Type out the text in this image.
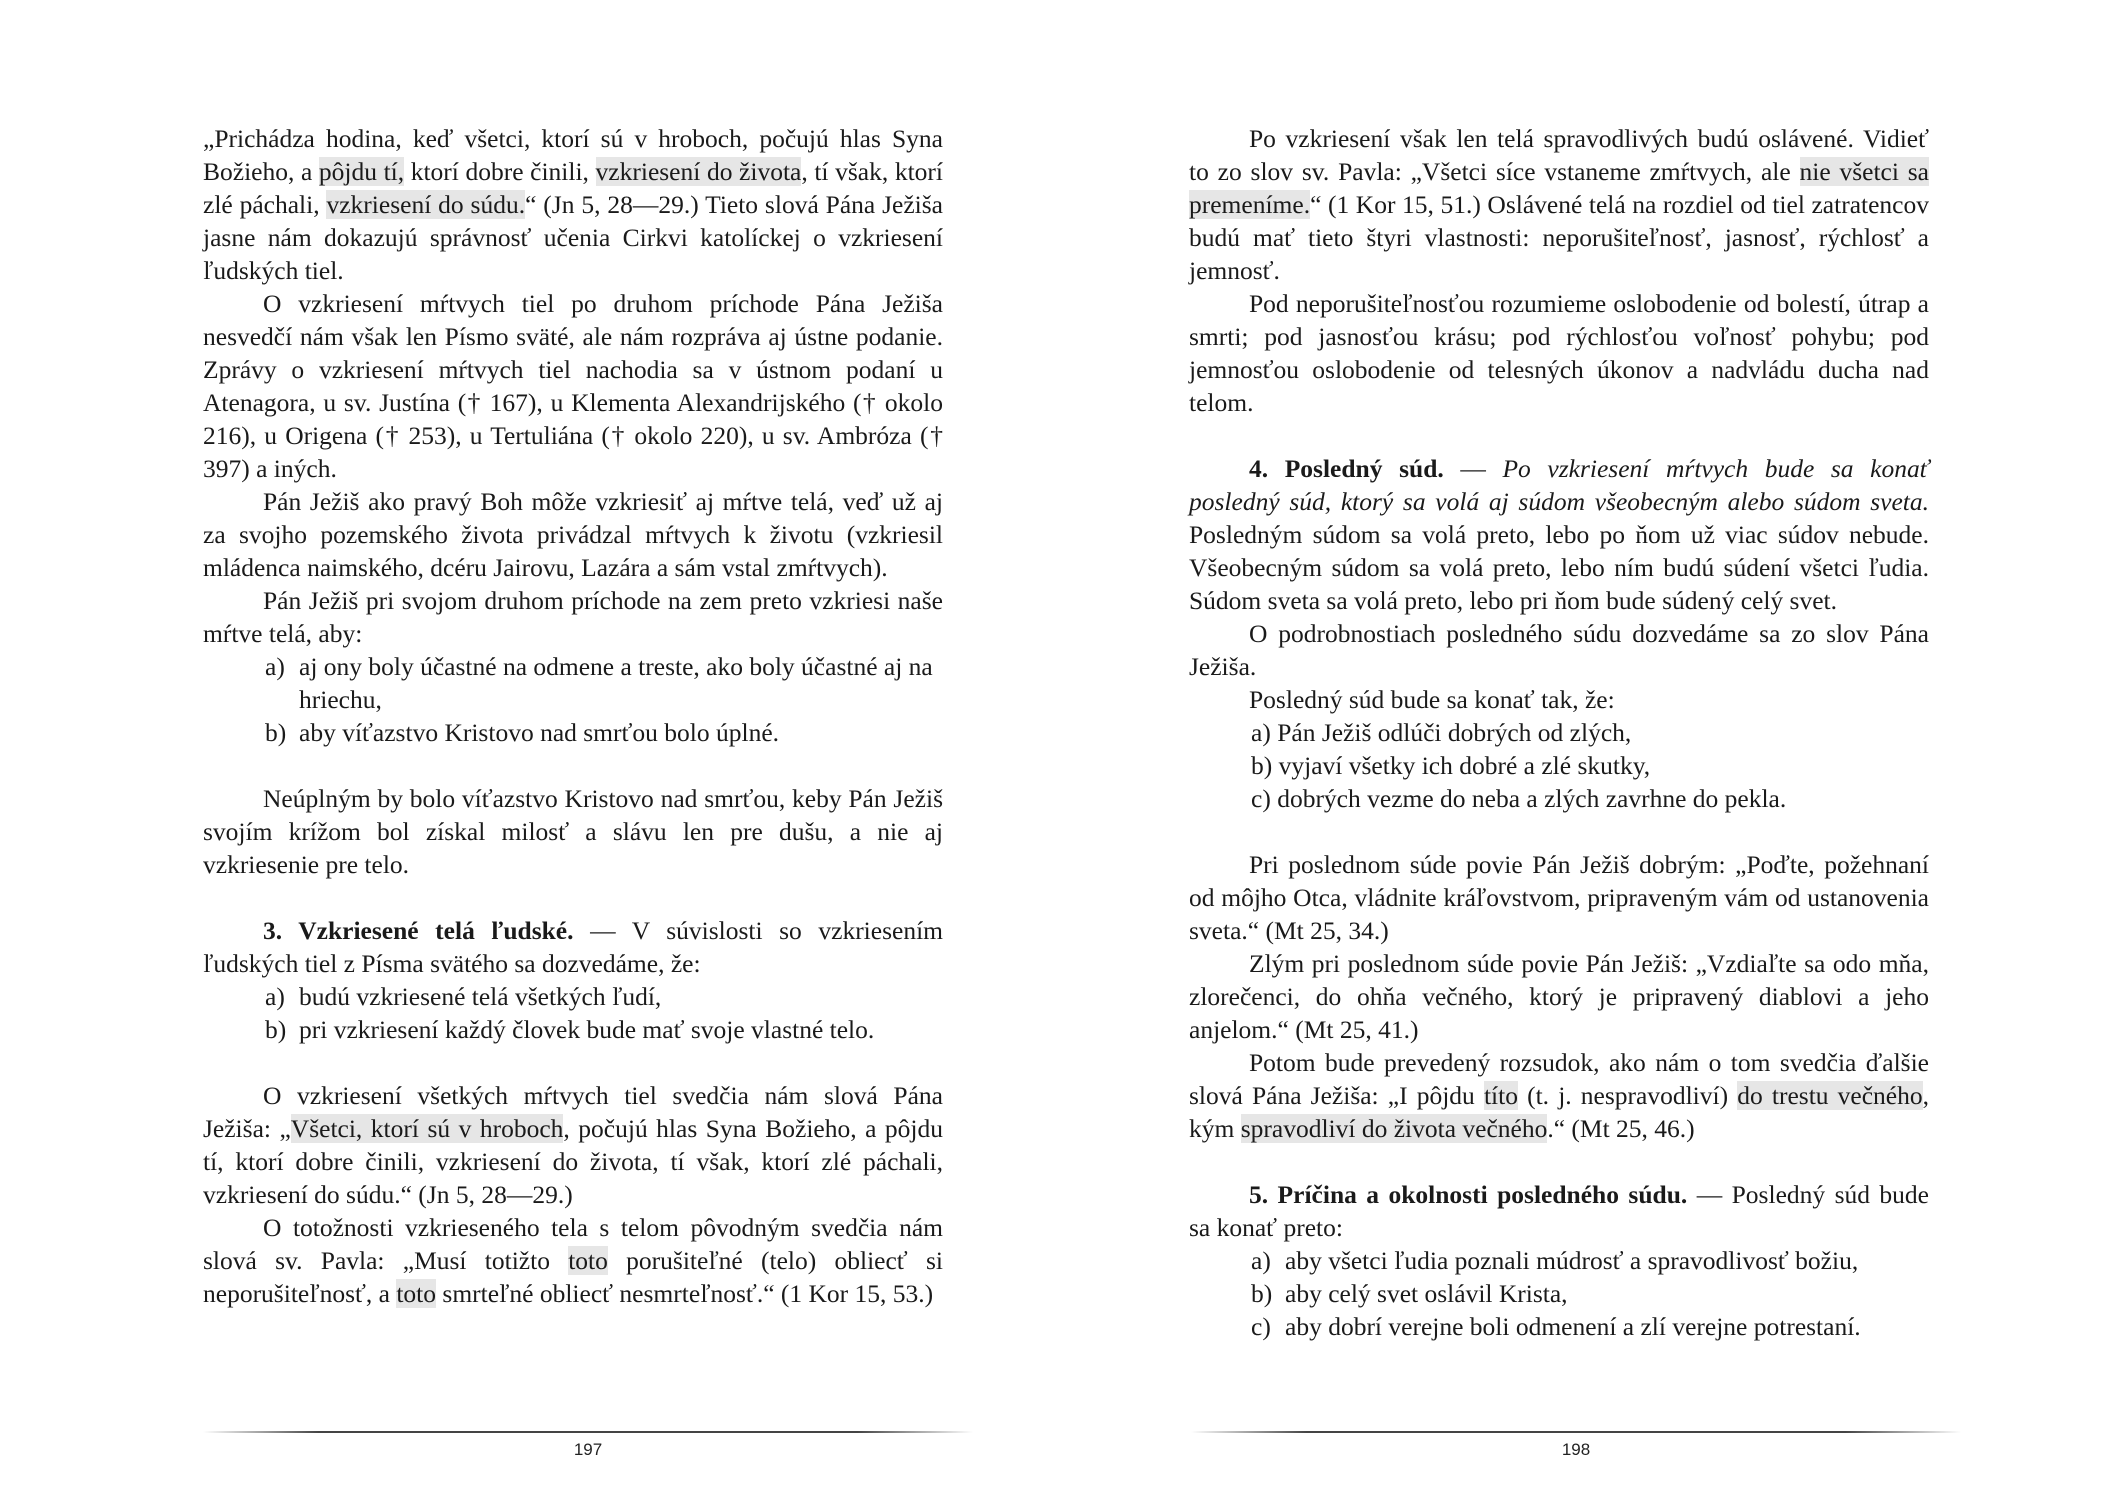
„Prichádza hodina, keď všetci, ktorí sú v hroboch, počujú hlas Syna Božieho, a pôjdu tí, ktorí dobre činili, vzkriesení do života, tí však, ktorí zlé páchali, vzkriesení do súdu.“ (Jn 5, 28—29.) Tieto slová Pána Ježiša jasne nám dokazujú správnosť učenia Cirkvi katolíckej o vzkriesení ľudských tiel.

O vzkriesení mŕtvych tiel po druhom príchode Pána Ježiša nesvedčí nám však len Písmo sväté, ale nám rozpráva aj ústne podanie. Zprávy o vzkriesení mŕtvych tiel nachodia sa v ústnom podaní u Atenagora, u sv. Justína († 167), u Klementa Alexandrijského († okolo 216), u Origena († 253), u Tertuliána († okolo 220), u sv. Ambróza († 397) a iných.

Pán Ježiš ako pravý Boh môže vzkriesiť aj mŕtve telá, veď už aj za svojho pozemského života privádzal mŕtvych k životu (vzkriesil mládenca naimského, dcéru Jairovu, Lazára a sám vstal zmŕtvych).

Pán Ježiš pri svojom druhom príchode na zem preto vzkriesi naše mŕtve telá, aby:

a) aj ony boly účastné na odmene a treste, ako boly účastné aj na hriechu,
b) aby víťazstvo Kristovo nad smrťou bolo úplné.

Neúplným by bolo víťazstvo Kristovo nad smrťou, keby Pán Ježiš svojím krížom bol získal milosť a slávu len pre dušu, a nie aj vzkriesenie pre telo.

3. Vzkriesené telá ľudské. — V súvislosti so vzkriesením ľudských tiel z Písma svätého sa dozvedáme, že:

a) budú vzkriesené telá všetkých ľudí,
b) pri vzkriesení každý človek bude mať svoje vlastné telo.

O vzkriesení všetkých mŕtvych tiel svedčia nám slová Pána Ježiša: „Všetci, ktorí sú v hroboch, počujú hlas Syna Božieho, a pôjdu tí, ktorí dobre činili, vzkriesení do života, tí však, ktorí zlé páchali, vzkriesení do súdu.“ (Jn 5, 28—29.)

O totožnosti vzkrieseného tela s telom pôvodným svedčia nám slová sv. Pavla: „Musí totižto toto porušiteľné (telo) obliecť si neporušiteľnosť, a toto smrteľné obliecť nesmrteľnosť.“ (1 Kor 15, 53.)

197

Po vzkriesení však len telá spravodlivých budú oslávené. Vidieť to zo slov sv. Pavla: „Všetci síce vstaneme zmŕtvych, ale nie všetci sa premeníme.“ (1 Kor 15, 51.) Oslávené telá na rozdiel od tiel zatratencov budú mať tieto štyri vlastnosti: neporušiteľnosť, jasnosť, rýchlosť a jemnosť.

Pod neporušiteľnosťou rozumieme oslobodenie od bolestí, útrap a smrti; pod jasnosťou krásu; pod rýchlosťou voľnosť pohybu; pod jemnosťou oslobodenie od telesných úkonov a nadvládu ducha nad telom.

4. Posledný súd. — Po vzkriesení mŕtvych bude sa konať posledný súd, ktorý sa volá aj súdom všeobecným alebo súdom sveta. Posledným súdom sa volá preto, lebo po ňom už viac súdov nebude. Všeobecným súdom sa volá preto, lebo ním budú súdení všetci ľudia. Súdom sveta sa volá preto, lebo pri ňom bude súdený celý svet.

O podrobnostiach posledného súdu dozvedáme sa zo slov Pána Ježiša.

Posledný súd bude sa konať tak, že:

a) Pán Ježiš odlúči dobrých od zlých,
b) vyjaví všetky ich dobré a zlé skutky,
c) dobrých vezme do neba a zlých zavrhne do pekla.

Pri poslednom súde povie Pán Ježiš dobrým: „Poďte, požehnaní od môjho Otca, vládnite kráľovstvom, pripraveným vám od ustanovenia sveta.“ (Mt 25, 34.)

Zlým pri poslednom súde povie Pán Ježiš: „Vzdiaľte sa odo mňa, zlorečenci, do ohňa večného, ktorý je pripravený diablovi a jeho anjelom.“ (Mt 25, 41.)

Potom bude prevedený rozsudok, ako nám o tom svedčia ďalšie slová Pána Ježiša: „I pôjdu títo (t. j. nespravodliví) do trestu večného, kým spravodliví do života večného.“ (Mt 25, 46.)

5. Príčina a okolnosti posledného súdu. — Posledný súd bude sa konať preto:

a) aby všetci ľudia poznali múdrosť a spravodlivosť božiu,
b) aby celý svet oslávil Krista,
c) aby dobrí verejne boli odmenení a zlí verejne potrestaní.
198
